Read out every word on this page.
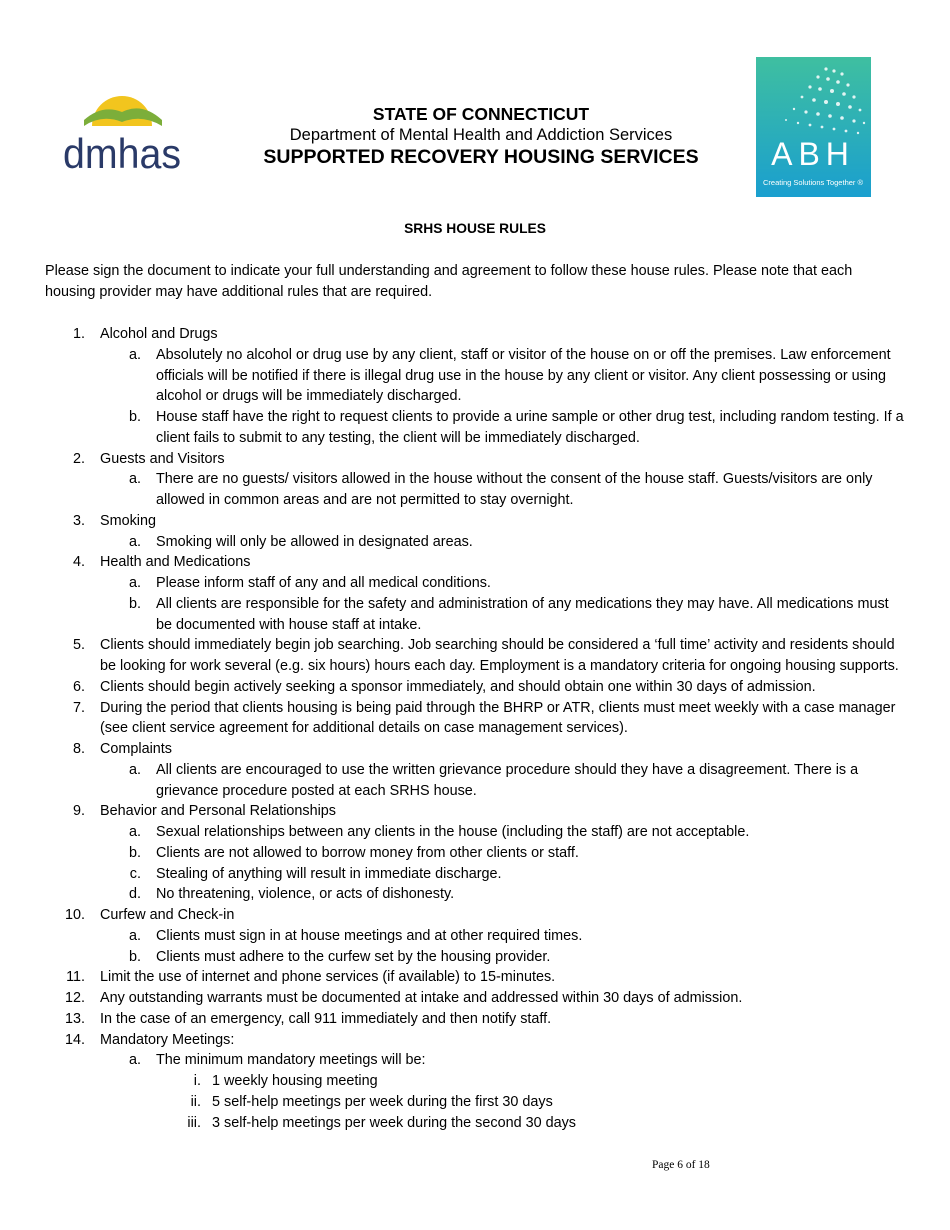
dmhas
STATE OF CONNECTICUT
Department of Mental Health and Addiction Services
SUPPORTED RECOVERY HOUSING SERVICES	ABH
Creating Solutions Together ®
SRHS HOUSE RULES
Please sign the document to indicate your full understanding and agreement to follow these house rules. Please note that each housing provider may have additional rules that are required.
1. Alcohol and Drugs
a. Absolutely no alcohol or drug use by any client, staff or visitor of the house on or off the premises. Law enforcement officials will be notified if there is illegal drug use in the house by any client or visitor. Any client possessing or using alcohol or drugs will be immediately discharged.
b. House staff have the right to request clients to provide a urine sample or other drug test, including random testing. If a client fails to submit to any testing, the client will be immediately discharged.
2. Guests and Visitors
a. There are no guests/ visitors allowed in the house without the consent of the house staff. Guests/visitors are only allowed in common areas and are not permitted to stay overnight.
3. Smoking
a. Smoking will only be allowed in designated areas.
4. Health and Medications
a. Please inform staff of any and all medical conditions.
b. All clients are responsible for the safety and administration of any medications they may have. All medications must be documented with house staff at intake.
5. Clients should immediately begin job searching. Job searching should be considered a ‘full time’ activity and residents should be looking for work several (e.g. six hours) hours each day. Employment is a mandatory criteria for ongoing housing supports.
6. Clients should begin actively seeking a sponsor immediately, and should obtain one within 30 days of admission.
7. During the period that clients housing is being paid through the BHRP or ATR, clients must meet weekly with a case manager (see client service agreement for additional details on case management services).
8. Complaints
a. All clients are encouraged to use the written grievance procedure should they have a disagreement. There is a grievance procedure posted at each SRHS house.
9. Behavior and Personal Relationships
a. Sexual relationships between any clients in the house (including the staff) are not acceptable.
b. Clients are not allowed to borrow money from other clients or staff.
c. Stealing of anything will result in immediate discharge.
d. No threatening, violence, or acts of dishonesty.
10. Curfew and Check-in
a. Clients must sign in at house meetings and at other required times.
b. Clients must adhere to the curfew set by the housing provider.
11. Limit the use of internet and phone services (if available) to 15-minutes.
12. Any outstanding warrants must be documented at intake and addressed within 30 days of admission.
13. In the case of an emergency, call 911 immediately and then notify staff.
14. Mandatory Meetings:
a. The minimum mandatory meetings will be:
i. 1 weekly housing meeting
ii. 5 self-help meetings per week during the first 30 days
iii. 3 self-help meetings per week during the second 30 days
Page 6 of 18
